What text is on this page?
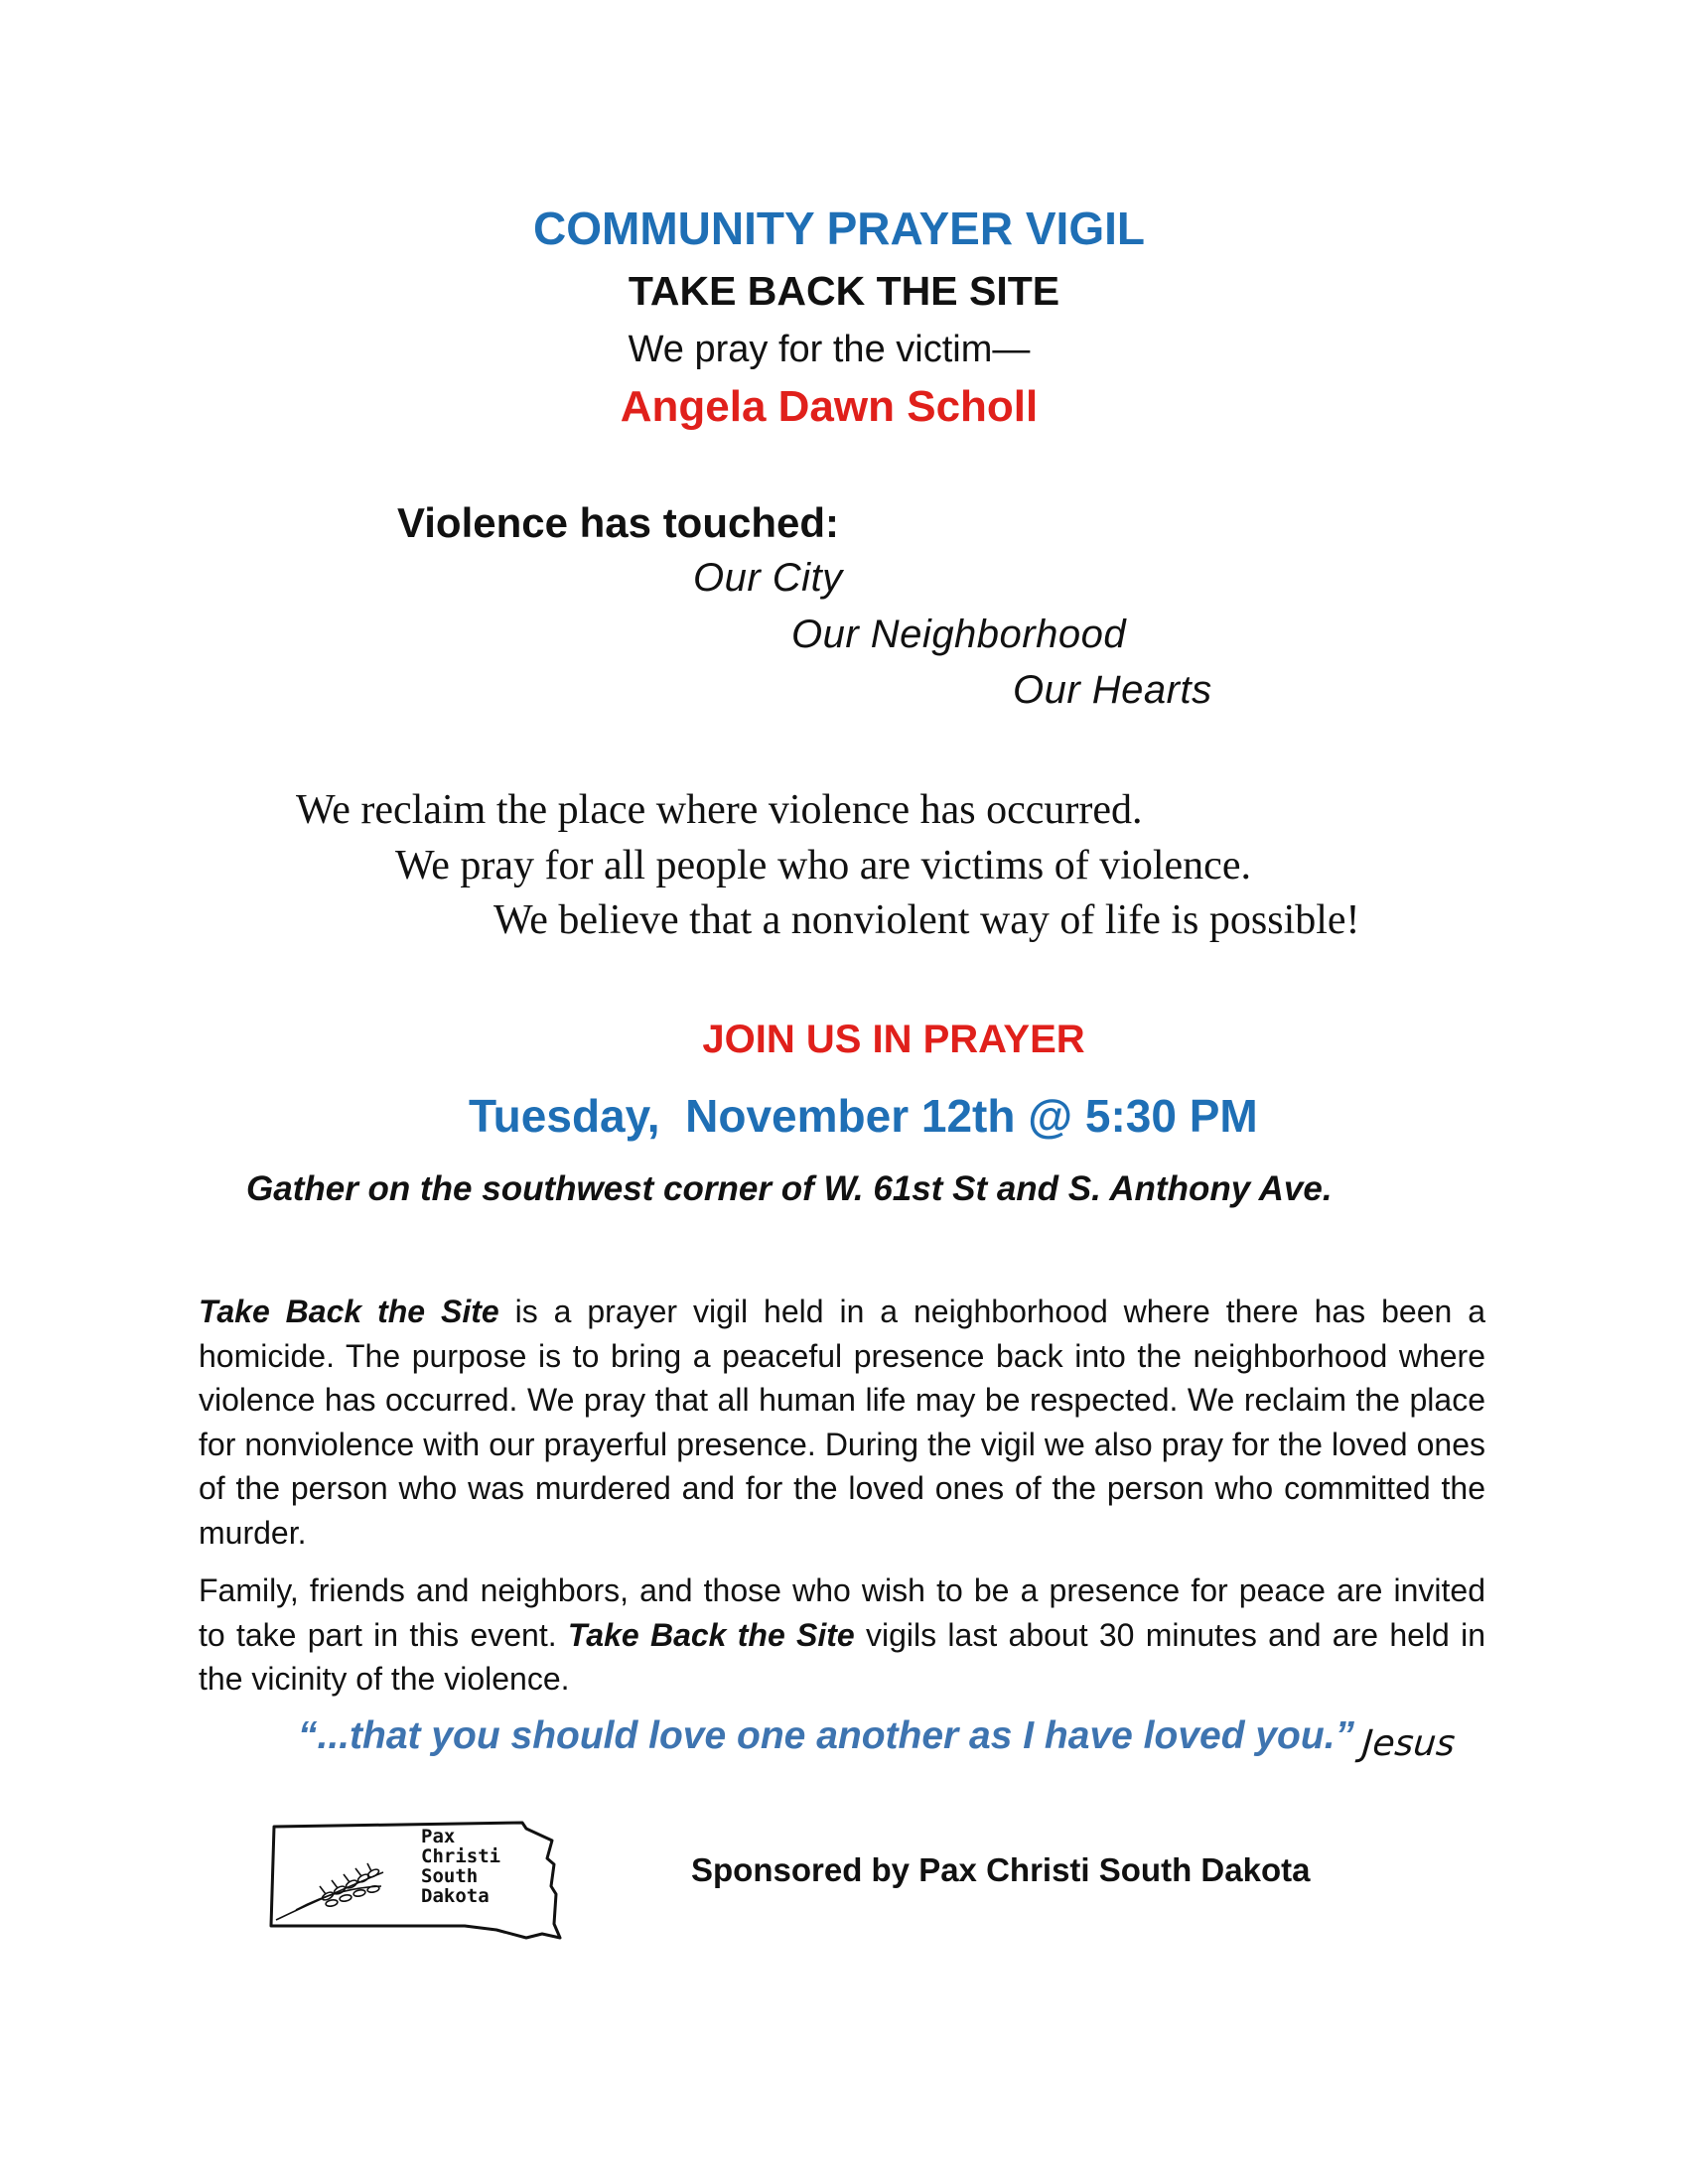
COMMUNITY PRAYER VIGIL
TAKE BACK THE SITE
We pray for the victim—
Angela Dawn Scholl
Violence has touched:
Our City
Our Neighborhood
Our Hearts
We reclaim the place where violence has occurred.
We pray for all people who are victims of violence.
We believe that a nonviolent way of life is possible!
JOIN US IN PRAYER
Tuesday,  November 12th @ 5:30 PM
Gather on the southwest corner of W. 61st St and S. Anthony Ave.
Take Back the Site is a prayer vigil held in a neighborhood where there has been a homicide. The purpose is to bring a peaceful presence back into the neighborhood where violence has occurred. We pray that all human life may be respected. We reclaim the place for nonviolence with our prayerful presence. During the vigil we also pray for the loved ones of the person who was murdered and for the loved ones of the person who committed the murder.
Family, friends and neighbors, and those who wish to be a presence for peace are invited to take part in this event. Take Back the Site vigils last about 30 minutes and are held in the vicinity of the violence.
“...that you should love one another as I have loved you.” Jesus
Pax
Christi
South
Dakota
Sponsored by Pax Christi South Dakota
